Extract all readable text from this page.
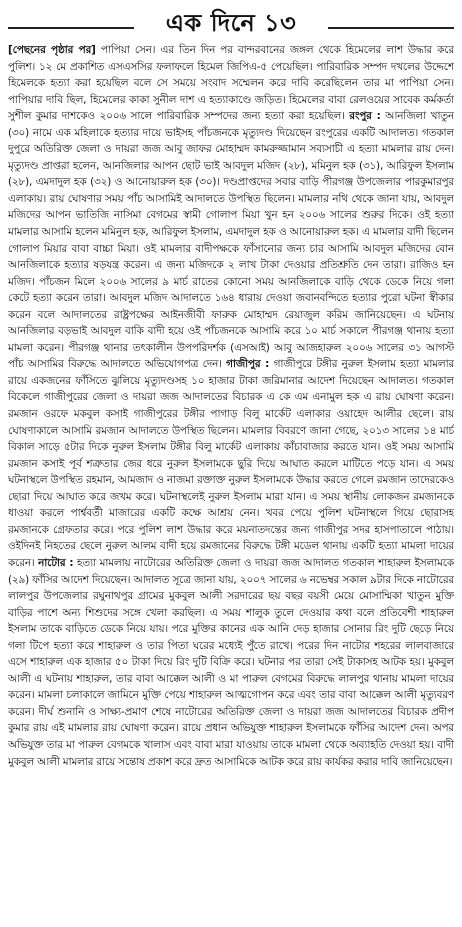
এক দিনে ১৩

[পেছনের পৃষ্ঠার পর] পাপিয়া সেন। এর তিন দিন পর বান্দরবানের জঙ্গল থেকে হিমেলের লাশ উদ্ধার করে পুলিশ। ১২ মে প্রকাশিত এসএসসির ফলাফলে হিমেল জিপিএ-৫ পেয়েছিল। পারিবারিক সম্পদ দখলের উদ্দেশে হিমেলকে হত্যা করা হয়েছিল বলে সে সময়ে সংবাদ সম্মেলন করে দাবি করেছিলেন তার মা পাপিয়া সেন। পাপিয়ার দাবি ছিল, হিমেলের কাকা সুনীল দাশ এ হত্যাকাণ্ডে জড়িত। হিমেলের বাবা রেলওয়ের সাবেক কর্মকর্তা সুশীল কুমার দাশকেও ২০০৬ সালে পারিবারিক সম্পদের জন্য হত্যা করা হয়েছিল। রংপুর : আনজিলা খাতুন (৩০) নামে এক মহিলাকে হত্যার দায়ে ভাইসহ পাঁচজনকে মৃত্যুদণ্ড দিয়েছেন রংপুরের একটি আদালত। গতকাল দুপুরে অতিরিক্ত জেলা ও দায়রা জজ আবু জাফর মোহাম্মদ কামরুজ্জামান সব্যসাচী এ হত্যা মামলার রায় দেন। মৃত্যুদণ্ড প্রাপ্তরা হলেন, আনজিলার আপন ছোট ভাই আবদুল মজিদ (২৮), মমিনুল হক (৩১), আরিফুল ইসলাম (২৮), এমদাদুল হক (৩২) ও আনোয়ারুল হক (৩০)। দণ্ডপ্রাপ্তদের সবার বাড়ি পীরগঞ্জ উপজেলার পারকুমারপুর এলাকায়। রায় ঘোষণার সময় পাঁচ আসামিই আদালতে উপস্থিত ছিলেন। মামলার নথি থেকে জানা যায়, আবদুল মজিদের আপন ভাতিজি নাসিমা বেগমের স্বামী গোলাপ মিয়া খুন হন ২০০৬ সালের শুরুর দিকে। ওই হত্যা মামলার আসামি হলেন মমিনুল হক, আরিফুল ইসলাম, এমদাদুল হক ও আনোয়ারুল হক। এ মামলার বাদী ছিলেন গোলাপ মিয়ার বাবা বাচ্চা মিয়া। ওই মামলার বাদীপক্ষকে ফাঁসানোর জন্য চার আসামি আবদুল মজিদের বোন আনজিলাকে হত্যার ষড়যন্ত্র করেন। এ জন্য মজিদকে ২ লাখ টাকা দেওয়ার প্রতিশ্রুতি দেন তারা। রাজিও হন মজিদ। পাঁচজন মিলে ২০০৬ সালের ৯ মার্চ রাতের কোনো সময় আনজিলাকে বাড়ি থেকে ডেকে নিয়ে গলা কেটে হত্যা করেন তারা। আবদুল মজিদ আদালতে ১৬৪ ধারায় দেওয়া জবানবন্দিতে হত্যার পুরো ঘটনা স্বীকার করেন বলে আদালতের রাষ্ট্রপক্ষের আইনজীবী ফারুক মোহাম্মদ রেয়াজুল করিম জানিয়েছেন। এ ঘটনায় আনজিলার বড়ভাই আবদুল বাকি বাদী হয়ে ওই পাঁচজনকে আসামি করে ১০ মার্চ সকালে পীরগঞ্জ থানায় হত্যা মামলা করেন। পীরগঞ্জ থানার তৎকালীন উপপরিদর্শক (এসআই) আবু আজহারুল ২০০৬ সালের ৩১ আগস্ট পাঁচ আসামির বিরুদ্ধে আদালতে অভিযোগপত্র দেন। গাজীপুর : গাজীপুরে টঙ্গীর নুরুল ইসলাম হত্যা মামলার রায়ে একজনের ফাঁসিতে ঝুলিয়ে মৃত্যুদণ্ডসহ ১০ হাজার টাকা জরিমানার আদেশ দিয়েছেন আদালত। গতকাল বিকেলে গাজীপুরের জেলা ও দায়রা জজ আদালতের বিচারক এ কে এম এনামুল হক এ রায় ঘোষণা করেন। রমজান ওরফে মকবুল কসাই গাজীপুরের টঙ্গীর পাগাড় বিলু মার্কেট এলাকার ওয়াহেদ আলীর ছেলে। রায় ঘোষণাকালে আসামি রমজান আদালতে উপস্থিত ছিলেন। মামলার বিবরণে জানা গেছে, ২০১৩ সালের ১৪ মার্চ বিকাল সাড়ে ৫টার দিকে নুরুল ইসলাম টঙ্গীর বিলু মার্কেট এলাকায় কাঁচাবাজার করতে যান। ওই সময় আসামি রমজান কসাই পূর্ব শত্রুতার জের ধরে নুরুল ইসলামকে ছুরি দিয়ে আঘাত করলে মাটিতে পড়ে যান। এ সময় ঘটনাস্থলে উপস্থিত রহমান, আমজাদ ও নাজমা রক্তাক্ত নুরুল ইসলামকে উদ্ধার করতে গেলে রমজান তাদেরকেও ছোরা দিয়ে আঘাত করে জখম করে। ঘটনাস্থলেই নুরুল ইসলাম মারা যান। এ সময় স্থানীয় লোকজন রমজানকে ধাওয়া করলে পার্শ্ববর্তী মাজারের একটি কক্ষে আশ্রয় নেন। খবর পেয়ে পুলিশ ঘটনাস্থলে গিয়ে ছোরাসহ রমজানকে গ্রেফতার করে। পরে পুলিশ লাশ উদ্ধার করে ময়নাতদন্তের জন্য গাজীপুর সদর হাসপাতালে পাঠায়। ওইদিনই নিহতের ছেলে নুরুল আলম বাদী হয়ে রমজানের বিরুদ্ধে টঙ্গী মডেল থানায় একটি হত্যা মামলা দায়ের করেন। নাটোর : হত্যা মামলায় নাটোরের অতিরিক্ত জেলা ও দায়রা জজ আদালত গতকাল শাহারুল ইসলামকে (২৯) ফাঁসির আদেশ দিয়েছেন। আদালত সূত্রে জানা যায়, ২০০৭ সালের ৬ নভেম্বর সকাল ৯টার দিকে নাটোরের লালপুর উপজেলার রঘুনাথপুর গ্রামের মুকবুল আলী সরদারের ছয় বছর বয়সী মেয়ে মোসাম্মিকা খাতুন মুক্তি বাড়ির পাশে অন্য শিশুদের সঙ্গে খেলা করছিল। এ সময় শালুক তুলে দেওয়ার কথা বলে প্রতিবেশী শাহারুল ইসলাম তাকে বাড়িতে ডেকে নিয়ে যায়। পরে মুক্তির কানের এক আনি দেড় হাজার সোনার রিং দুটি ছেড়ে নিয়ে গলা টিপে হত্যা করে শাহারুল ও তার পিতা ঘরের মধ্যেই পুঁতে রাখে। পরের দিন নাটোর শহরের লালবাজারে এসে শাহারুল এক হাজার ৫০ টাকা দিয়ে রিং দুটি বিক্রি করে। ঘটনার পর তারা সেই টাকাসহ আটক হয়। মুকবুল আলী এ ঘটনায় শাহারুল, তার বাবা আক্কেল আলী ও মা পারুল বেগমের বিরুদ্ধে লালপুর থানায় মামলা দায়ের করেন। মামলা চলাকালে জামিনে মুক্তি পেয়ে শাহারুল আত্মগোপন করে এবং তার বাবা আক্কেল আলী মৃত্যুবরণ করেন। দীর্ঘ শুনানি ও সাক্ষ্য-প্রমাণ শেষে নাটোরের অতিরিক্ত জেলা ও দায়রা জজ আদালতের বিচারক প্রদীপ কুমার রায় এই মামলার রায় ঘোষণা করেন। রায়ে প্রধান অভিযুক্ত শাহারুল ইসলামকে ফাঁসির আদেশ দেন। অপর অভিযুক্ত তার মা পারুল বেগমকে খালাস এবং বাবা মারা যাওয়ায় তাকে মামলা থেকে অব্যাহতি দেওয়া হয়। বাদী মুকবুল আলী মামলার রায়ে সন্তোষ প্রকাশ করে দ্রুত আসামিকে আটক করে রায় কার্যকর করার দাবি জানিয়েছেন।
